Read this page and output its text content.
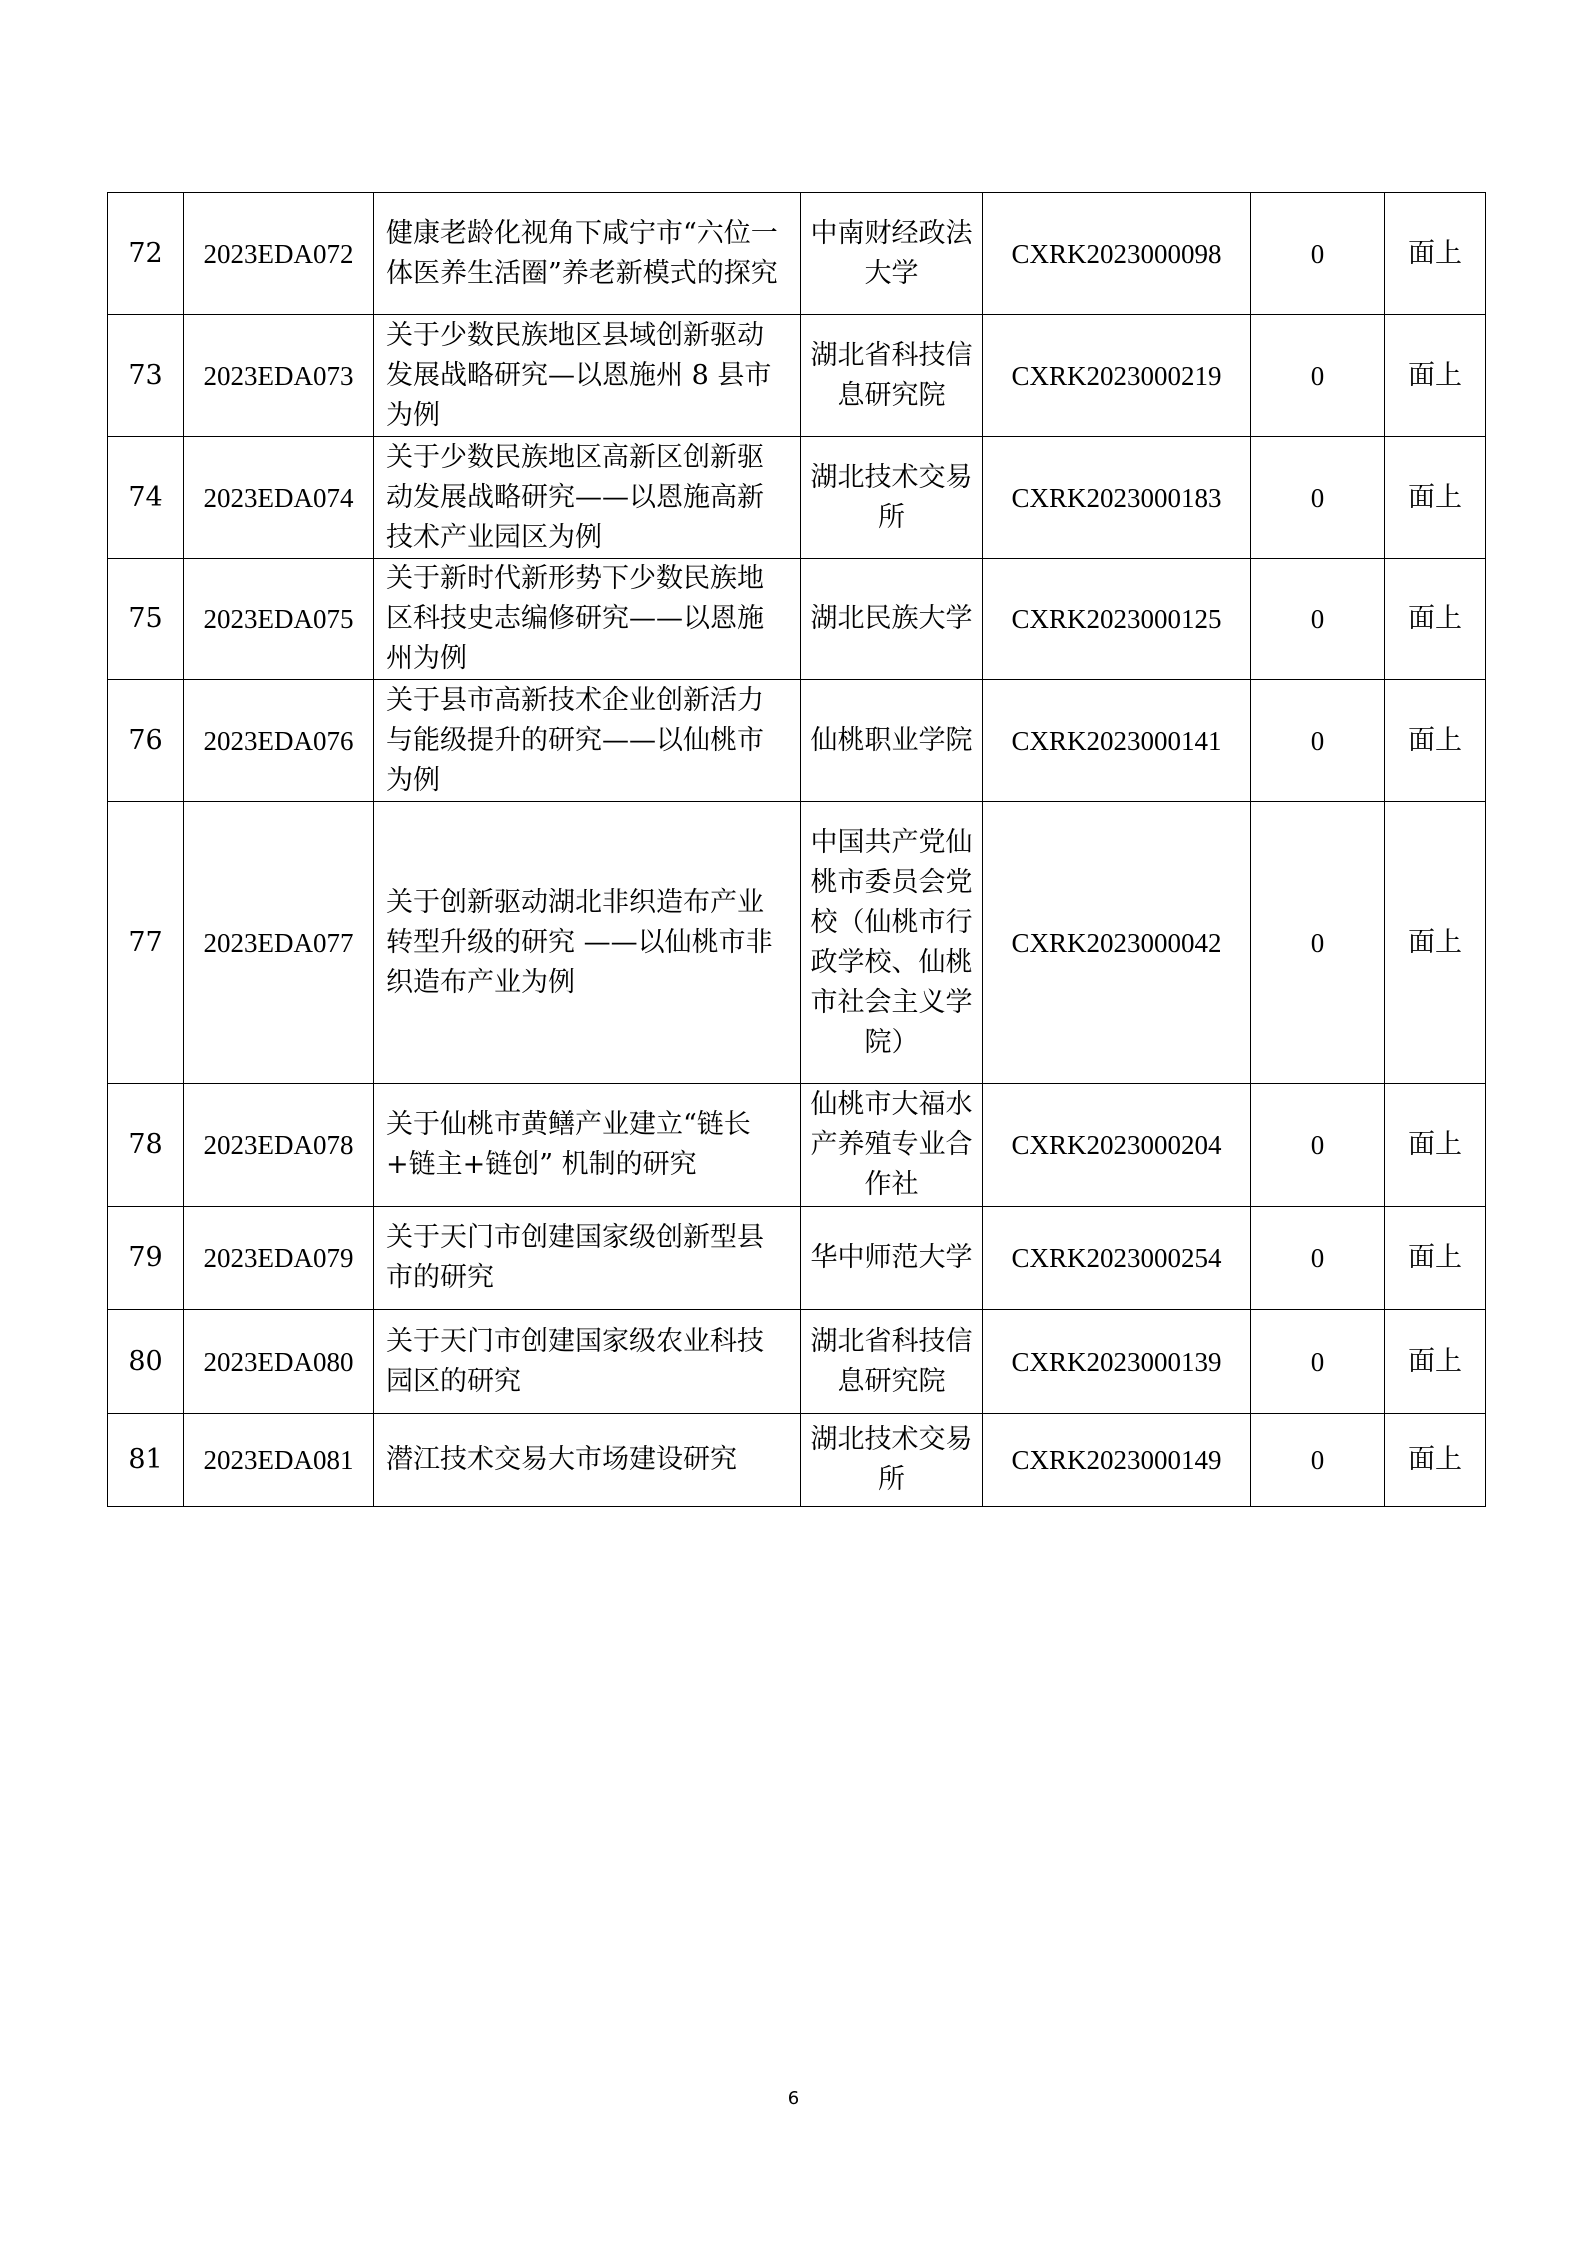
72	2023EDA072	健康老龄化视角下咸宁市“六位一体医养生活圈”养老新模式的探究	中南财经政法大学	CXRK2023000098	0	面上
73	2023EDA073	关于少数民族地区县域创新驱动发展战略研究—以恩施州 8 县市为例	湖北省科技信息研究院	CXRK2023000219	0	面上
74	2023EDA074	关于少数民族地区高新区创新驱动发展战略研究——以恩施高新技术产业园区为例	湖北技术交易所	CXRK2023000183	0	面上
75	2023EDA075	关于新时代新形势下少数民族地区科技史志编修研究——以恩施州为例	湖北民族大学	CXRK2023000125	0	面上
76	2023EDA076	关于县市高新技术企业创新活力与能级提升的研究——以仙桃市为例	仙桃职业学院	CXRK2023000141	0	面上
77	2023EDA077	关于创新驱动湖北非织造布产业转型升级的研究 ——以仙桃市非织造布产业为例	中国共产党仙桃市委员会党校（仙桃市行政学校、仙桃市社会主义学院）	CXRK2023000042	0	面上
78	2023EDA078	关于仙桃市黄鳝产业建立“链长+链主+链创” 机制的研究	仙桃市大福水产养殖专业合作社	CXRK2023000204	0	面上
79	2023EDA079	关于天门市创建国家级创新型县市的研究	华中师范大学	CXRK2023000254	0	面上
80	2023EDA080	关于天门市创建国家级农业科技园区的研究	湖北省科技信息研究院	CXRK2023000139	0	面上
81	2023EDA081	潜江技术交易大市场建设研究	湖北技术交易所	CXRK2023000149	0	面上
6
